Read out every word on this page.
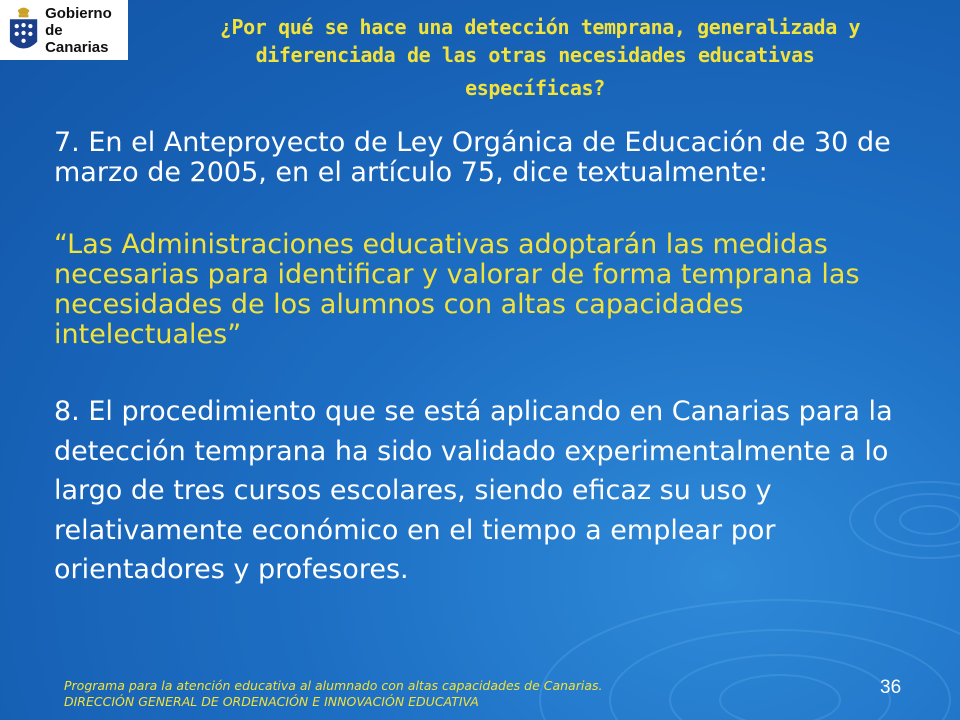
Gobierno
de Canarias
¿Por qué se hace una detección temprana, generalizada y
diferenciada de las otras necesidades educativas
específicas?

7. En el Anteproyecto de Ley Orgánica de Educación de 30 de marzo de 2005, en el artículo 75, dice textualmente:

“Las Administraciones educativas adoptarán las medidas necesarias para identificar y valorar de forma temprana las necesidades de los alumnos con altas capacidades intelectuales”

8. El procedimiento que se está aplicando en Canarias para la detección temprana ha sido validado experimentalmente a lo largo de tres cursos escolares, siendo eficaz su uso y relativamente económico en el tiempo a emplear por orientadores y profesores.

Programa para la atención educativa al alumnado con altas capacidades de Canarias.
DIRECCIÓN GENERAL DE ORDENACIÓN E INNOVACIÓN EDUCATIVA
36
